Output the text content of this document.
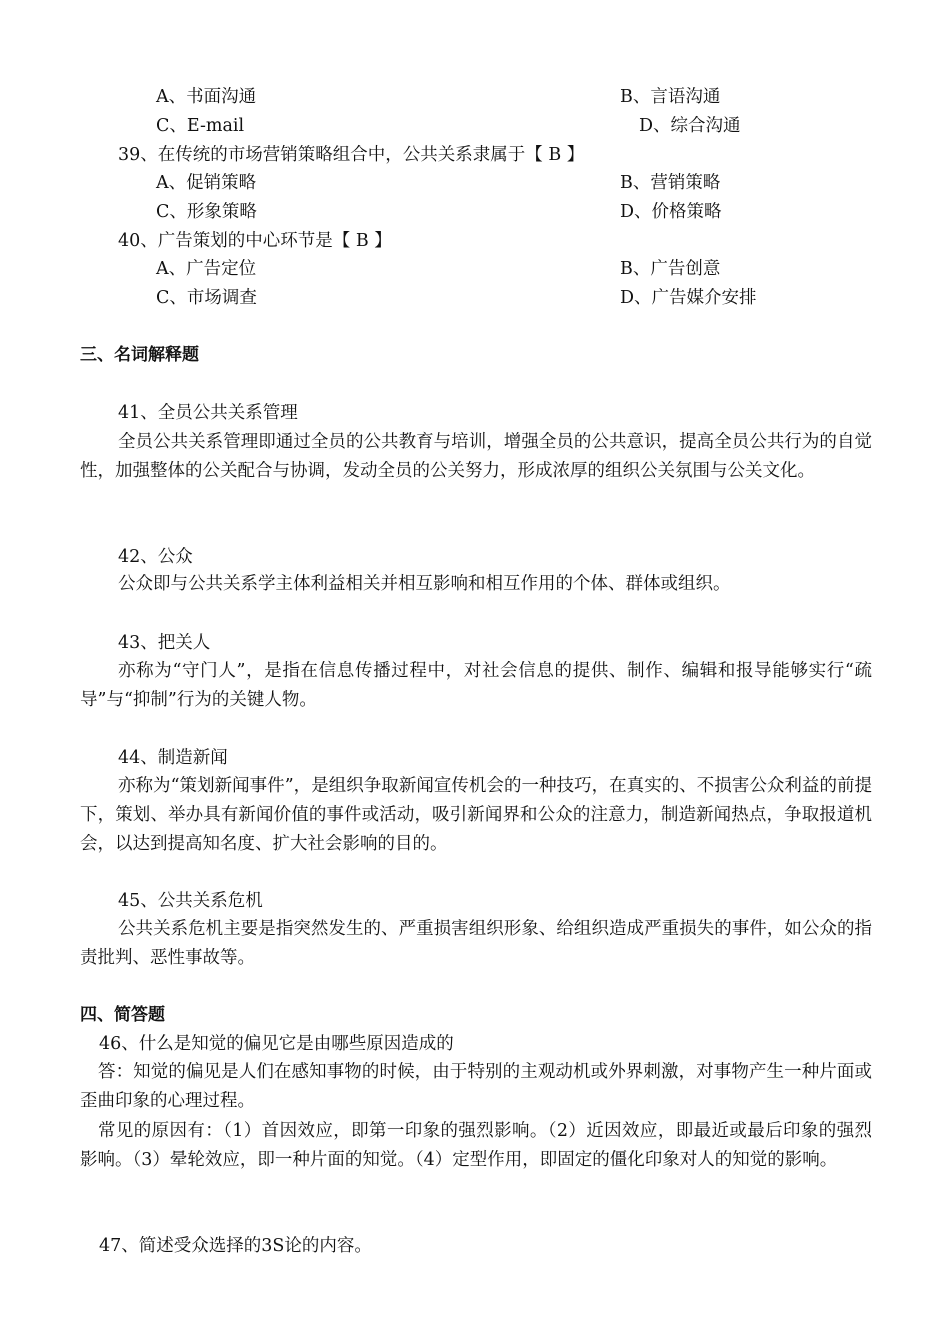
A、书面沟通	B、言语沟通
C、E-mail	D、综合沟通
39、在传统的市场营销策略组合中，公共关系隶属于【 B 】
A、促销策略	B、营销策略
C、形象策略	D、价格策略
40、广告策划的中心环节是【 B 】
A、广告定位	B、广告创意
C、市场调查	D、广告媒介安排
三、名词解释题
41、全员公共关系管理
全员公共关系管理即通过全员的公共教育与培训，增强全员的公共意识，提高全员公共行为的自觉性，加强整体的公关配合与协调，发动全员的公关努力，形成浓厚的组织公关氛围与公关文化。
42、公众
公众即与公共关系学主体利益相关并相互影响和相互作用的个体、群体或组织。
43、把关人
亦称为“守门人”，是指在信息传播过程中，对社会信息的提供、制作、编辑和报导能够实行“疏导”与“抑制”行为的关键人物。
44、制造新闻
亦称为“策划新闻事件”，是组织争取新闻宣传机会的一种技巧，在真实的、不损害公众利益的前提下，策划、举办具有新闻价值的事件或活动，吸引新闻界和公众的注意力，制造新闻热点，争取报道机会，以达到提高知名度、扩大社会影响的目的。
45、公共关系危机
公共关系危机主要是指突然发生的、严重损害组织形象、给组织造成严重损失的事件，如公众的指责批判、恶性事故等。
四、简答题
46、什么是知觉的偏见它是由哪些原因造成的
答：知觉的偏见是人们在感知事物的时候，由于特别的主观动机或外界刺激，对事物产生一种片面或歪曲印象的心理过程。
常见的原因有：（1）首因效应，即第一印象的强烈影响。（2）近因效应，即最近或最后印象的强烈影响。（3）晕轮效应，即一种片面的知觉。（4）定型作用，即固定的僵化印象对人的知觉的影响。
47、简述受众选择的3S论的内容。
